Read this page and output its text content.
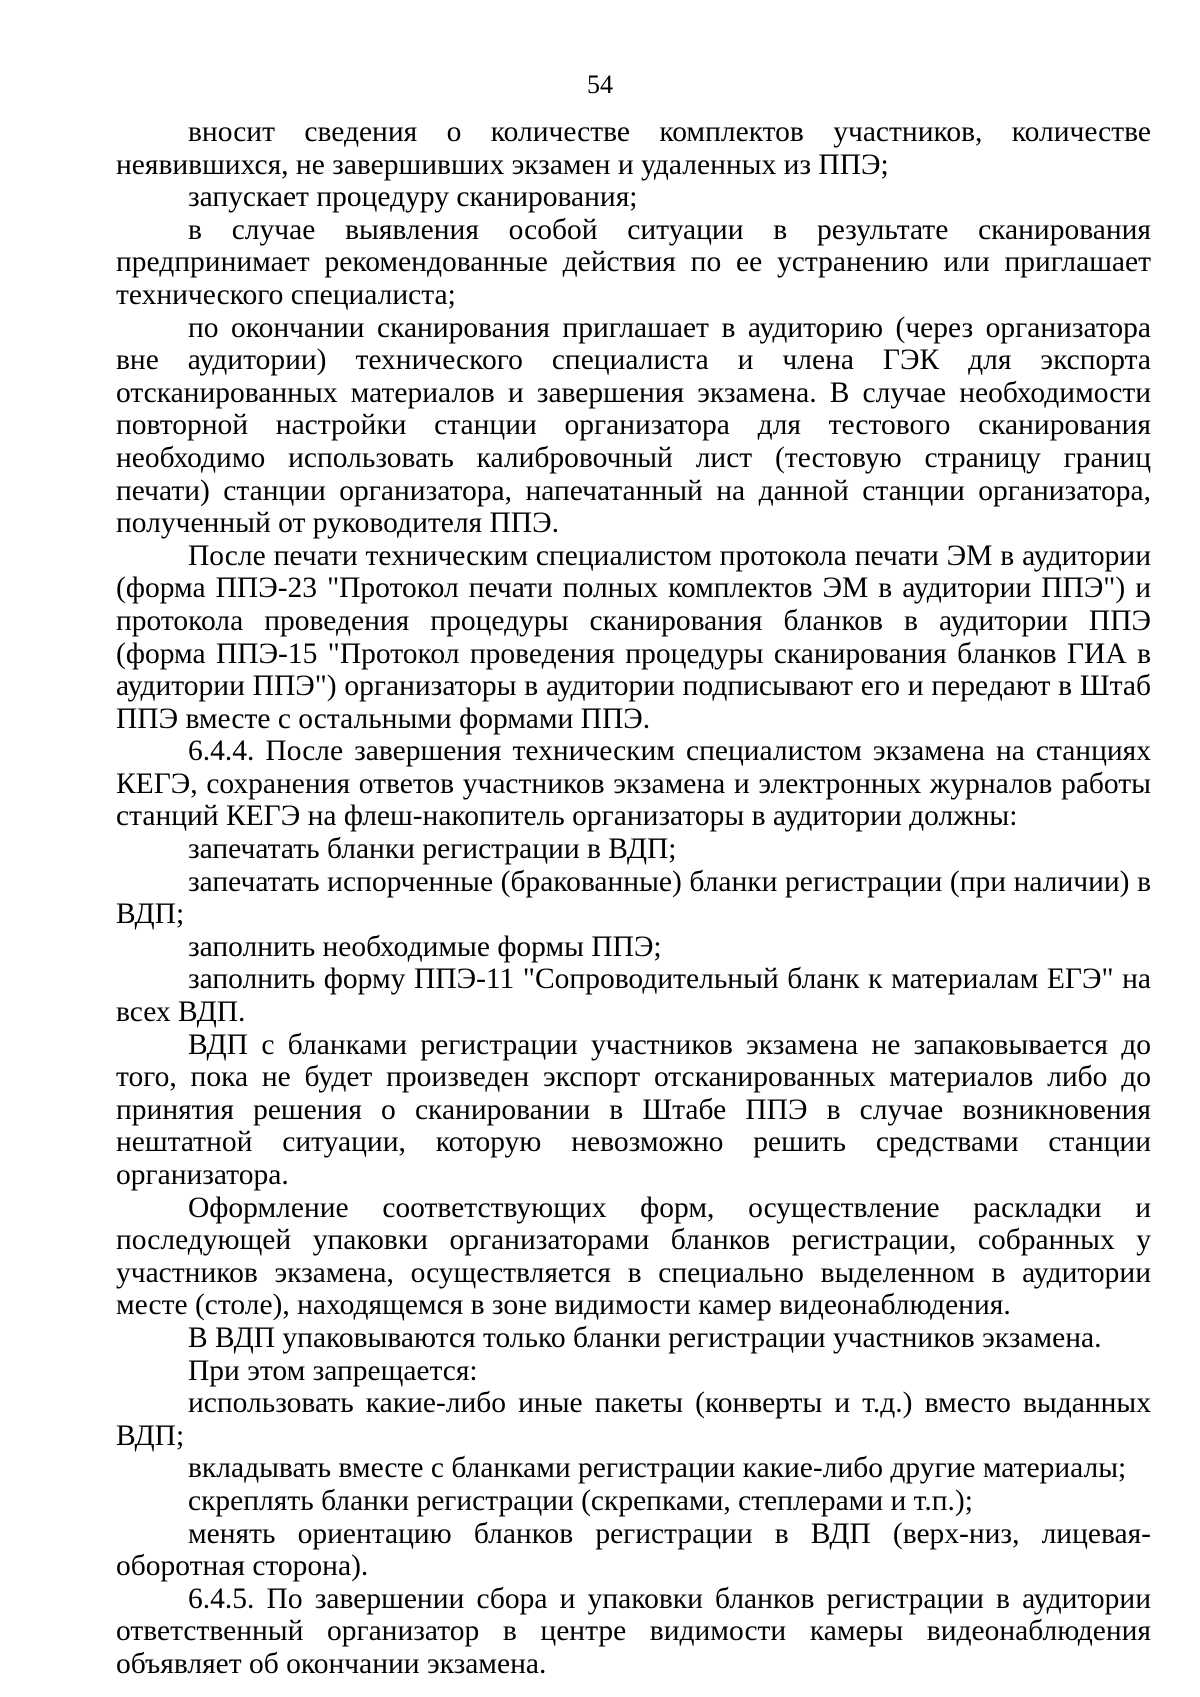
54

вносит сведения о количестве комплектов участников, количестве неявившихся, не завершивших экзамен и удаленных из ППЭ;

запускает процедуру сканирования;

в случае выявления особой ситуации в результате сканирования предпринимает рекомендованные действия по ее устранению или приглашает технического специалиста;

по окончании сканирования приглашает в аудиторию (через организатора вне аудитории) технического специалиста и члена ГЭК для экспорта отсканированных материалов и завершения экзамена. В случае необходимости повторной настройки станции организатора для тестового сканирования необходимо использовать калибровочный лист (тестовую страницу границ печати) станции организатора, напечатанный на данной станции организатора, полученный от руководителя ППЭ.

После печати техническим специалистом протокола печати ЭМ в аудитории (форма ППЭ-23 "Протокол печати полных комплектов ЭМ в аудитории ППЭ") и протокола проведения процедуры сканирования бланков в аудитории ППЭ (форма ППЭ-15 "Протокол проведения процедуры сканирования бланков ГИА в аудитории ППЭ") организаторы в аудитории подписывают его и передают в Штаб ППЭ вместе с остальными формами ППЭ.

6.4.4. После завершения техническим специалистом экзамена на станциях КЕГЭ, сохранения ответов участников экзамена и электронных журналов работы станций КЕГЭ на флеш-накопитель организаторы в аудитории должны:

запечатать бланки регистрации в ВДП;

запечатать испорченные (бракованные) бланки регистрации (при наличии) в ВДП;

заполнить необходимые формы ППЭ;

заполнить форму ППЭ-11 "Сопроводительный бланк к материалам ЕГЭ" на всех ВДП.

ВДП с бланками регистрации участников экзамена не запаковывается до того, пока не будет произведен экспорт отсканированных материалов либо до принятия решения о сканировании в Штабе ППЭ в случае возникновения нештатной ситуации, которую невозможно решить средствами станции организатора.

Оформление соответствующих форм, осуществление раскладки и последующей упаковки организаторами бланков регистрации, собранных у участников экзамена, осуществляется в специально выделенном в аудитории месте (столе), находящемся в зоне видимости камер видеонаблюдения.

В ВДП упаковываются только бланки регистрации участников экзамена.

При этом запрещается:

использовать какие-либо иные пакеты (конверты и т.д.) вместо выданных ВДП;

вкладывать вместе с бланками регистрации какие-либо другие материалы;

скреплять бланки регистрации (скрепками, степлерами и т.п.);

менять ориентацию бланков регистрации в ВДП (верх-низ, лицевая-оборотная сторона).

6.4.5. По завершении сбора и упаковки бланков регистрации в аудитории ответственный организатор в центре видимости камеры видеонаблюдения объявляет об окончании экзамена.
